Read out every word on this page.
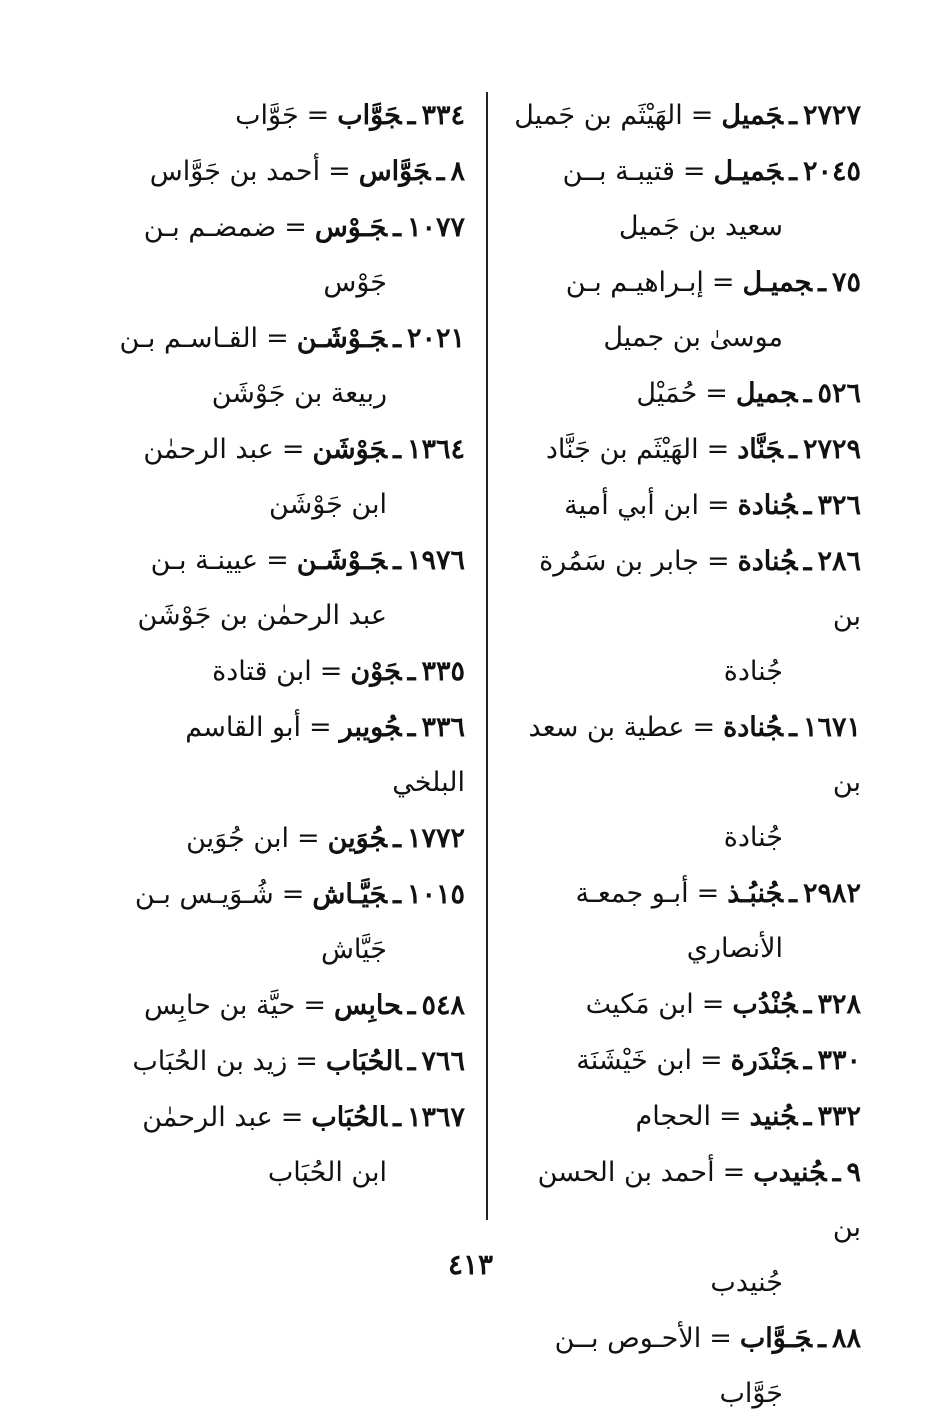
٢٧٢٧ـجَميل=الهَيْثَم بن جَميل
٢٠٤٥ـجَميـل=قتيبـة بــن
سعيد بن جَميل
٧٥ـجميـل=إبـراهيـم بـن
موسىٰ بن جميل
٥٢٦ـجميل=حُمَيْل
٢٧٢٩ـجَنَّاد=الهَيْثَم بن جَنَّاد
٣٢٦ـجُنادة=ابن أبي أمية
٢٨٦ـجُنادة=جابر بن سَمُرة بن
جُنادة
١٦٧١ـجُنادة=عطية بن سعد بن
جُنادة
٢٩٨٢ـجُنبُـذ=أبـو جمعـة
الأنصاري
٣٢٨ـجُنْدُب=ابن مَكيث
٣٣٠ـجَنْدَرة=ابن خَيْشَنَة
٣٣٢ـجُنيد=الحجام
٩ـجُنيدب=أحمد بن الحسن بن
جُنيدب
٨٨ـجَـوَّاب=الأحـوص بــن
جَوَّاب
٣٣٤ـجَوَّاب=جَوَّاب
٨ـجَوَّاس=أحمد بن جَوَّاس
١٠٧٧ـجَـوْس=ضمضـم بـن
جَوْس
٢٠٢١ـجَـوْشَـن=القـاسـم بـن
ربيعة بن جَوْشَن
١٣٦٤ـجَوْشَن=عبد الرحمٰن
ابن جَوْشَن
١٩٧٦ـجَـوْشَـن=عيينـة بـن
عبد الرحمٰن بن جَوْشَن
٣٣٥ـجَوْن=ابن قتادة
٣٣٦ـجُويبر=أبو القاسم البلخي
١٧٧٢ـجُوَين=ابن جُوَين
١٠١٥ـجَيَّـاش=شُـوَيـس بـن
جَيَّاش
٥٤٨ـحابِس=حيَّة بن حابِس
٧٦٦ـالحُبَاب=زيد بن الحُبَاب
١٣٦٧ـالحُبَاب=عبد الرحمٰن
ابن الحُبَاب
٤١٣
